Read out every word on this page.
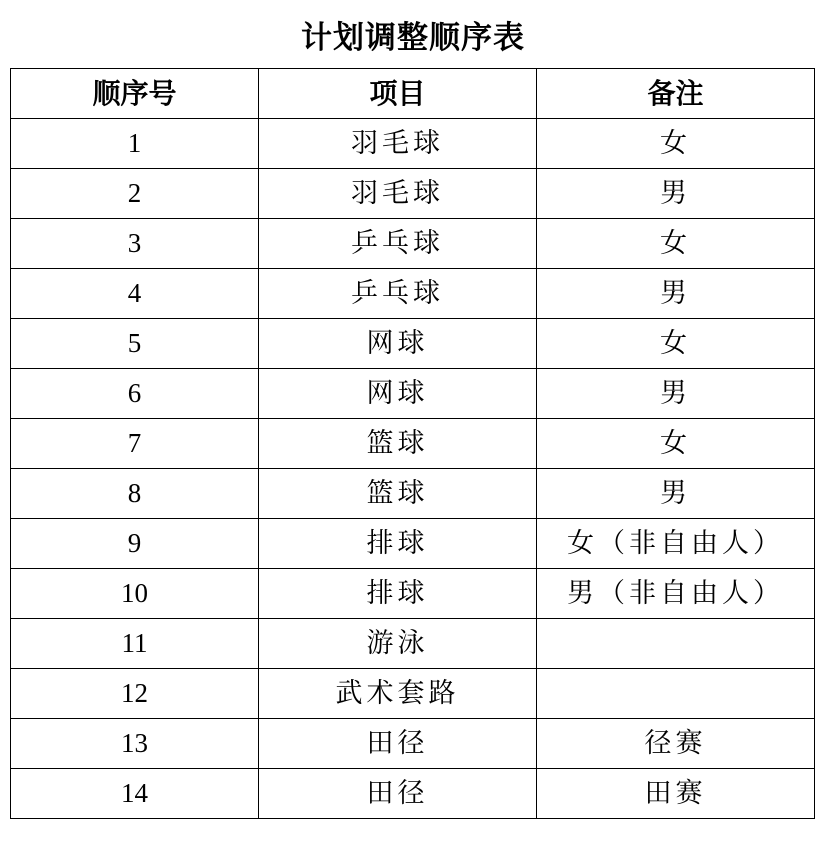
计划调整顺序表
顺序号	项目	备注
1	羽毛球	女
2	羽毛球	男
3	乒乓球	女
4	乒乓球	男
5	网球	女
6	网球	男
7	篮球	女
8	篮球	男
9	排球	女（非自由人）
10	排球	男（非自由人）
11	游泳	
12	武术套路	
13	田径	径赛
14	田径	田赛
